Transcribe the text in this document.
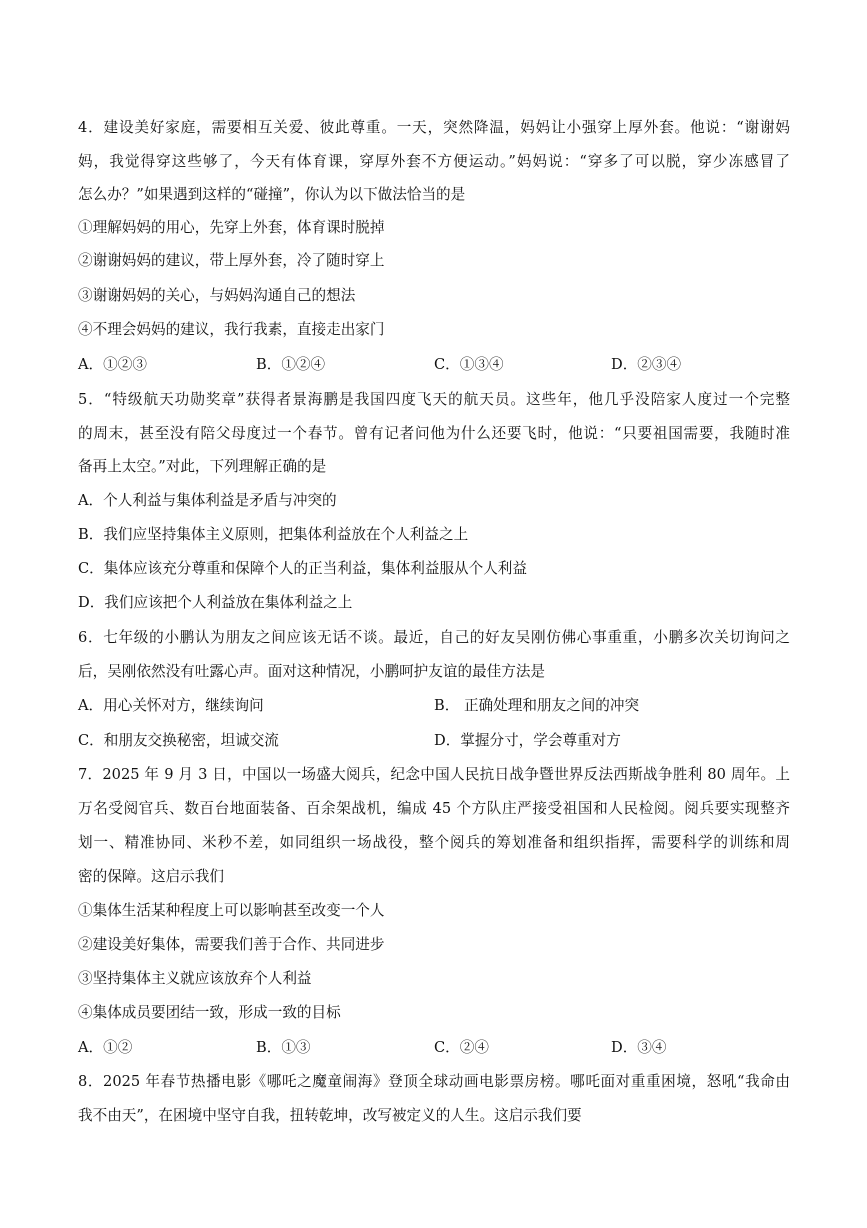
4．建设美好家庭，需要相互关爱、彼此尊重。一天，突然降温，妈妈让小强穿上厚外套。他说：“谢谢妈
妈，我觉得穿这些够了，今天有体育课，穿厚外套不方便运动。”妈妈说：“穿多了可以脱，穿少冻感冒了
怎么办？”如果遇到这样的“碰撞”，你认为以下做法恰当的是
①理解妈妈的用心，先穿上外套，体育课时脱掉
②谢谢妈妈的建议，带上厚外套，冷了随时穿上
③谢谢妈妈的关心，与妈妈沟通自己的想法
④不理会妈妈的建议，我行我素，直接走出家门
A．①②③	B．①②④	C．①③④	D．②③④
5．“特级航天功勋奖章”获得者景海鹏是我国四度飞天的航天员。这些年，他几乎没陪家人度过一个完整
的周末，甚至没有陪父母度过一个春节。曾有记者问他为什么还要飞时，他说：“只要祖国需要，我随时准
备再上太空。”对此，下列理解正确的是
A．个人利益与集体利益是矛盾与冲突的
B．我们应坚持集体主义原则，把集体利益放在个人利益之上
C．集体应该充分尊重和保障个人的正当利益，集体利益服从个人利益
D．我们应该把个人利益放在集体利益之上
6．七年级的小鹏认为朋友之间应该无话不谈。最近，自己的好友吴刚仿佛心事重重，小鹏多次关切询问之
后，吴刚依然没有吐露心声。面对这种情况，小鹏呵护友谊的最佳方法是
A．用心关怀对方，继续询问	B． 正确处理和朋友之间的冲突
C．和朋友交换秘密，坦诚交流	D．掌握分寸，学会尊重对方
7．2025 年 9 月 3 日，中国以一场盛大阅兵，纪念中国人民抗日战争暨世界反法西斯战争胜利 80 周年。上
万名受阅官兵、数百台地面装备、百余架战机，编成 45 个方队庄严接受祖国和人民检阅。阅兵要实现整齐
划一、精准协同、米秒不差，如同组织一场战役，整个阅兵的筹划准备和组织指挥，需要科学的训练和周
密的保障。这启示我们
①集体生活某种程度上可以影响甚至改变一个人
②建设美好集体，需要我们善于合作、共同进步
③坚持集体主义就应该放弃个人利益
④集体成员要团结一致，形成一致的目标
A．①②	B．①③	C．②④	D．③④
8．2025 年春节热播电影《哪吒之魔童闹海》登顶全球动画电影票房榜。哪吒面对重重困境，怒吼“我命由
我不由天”，在困境中坚守自我，扭转乾坤，改写被定义的人生。这启示我们要
